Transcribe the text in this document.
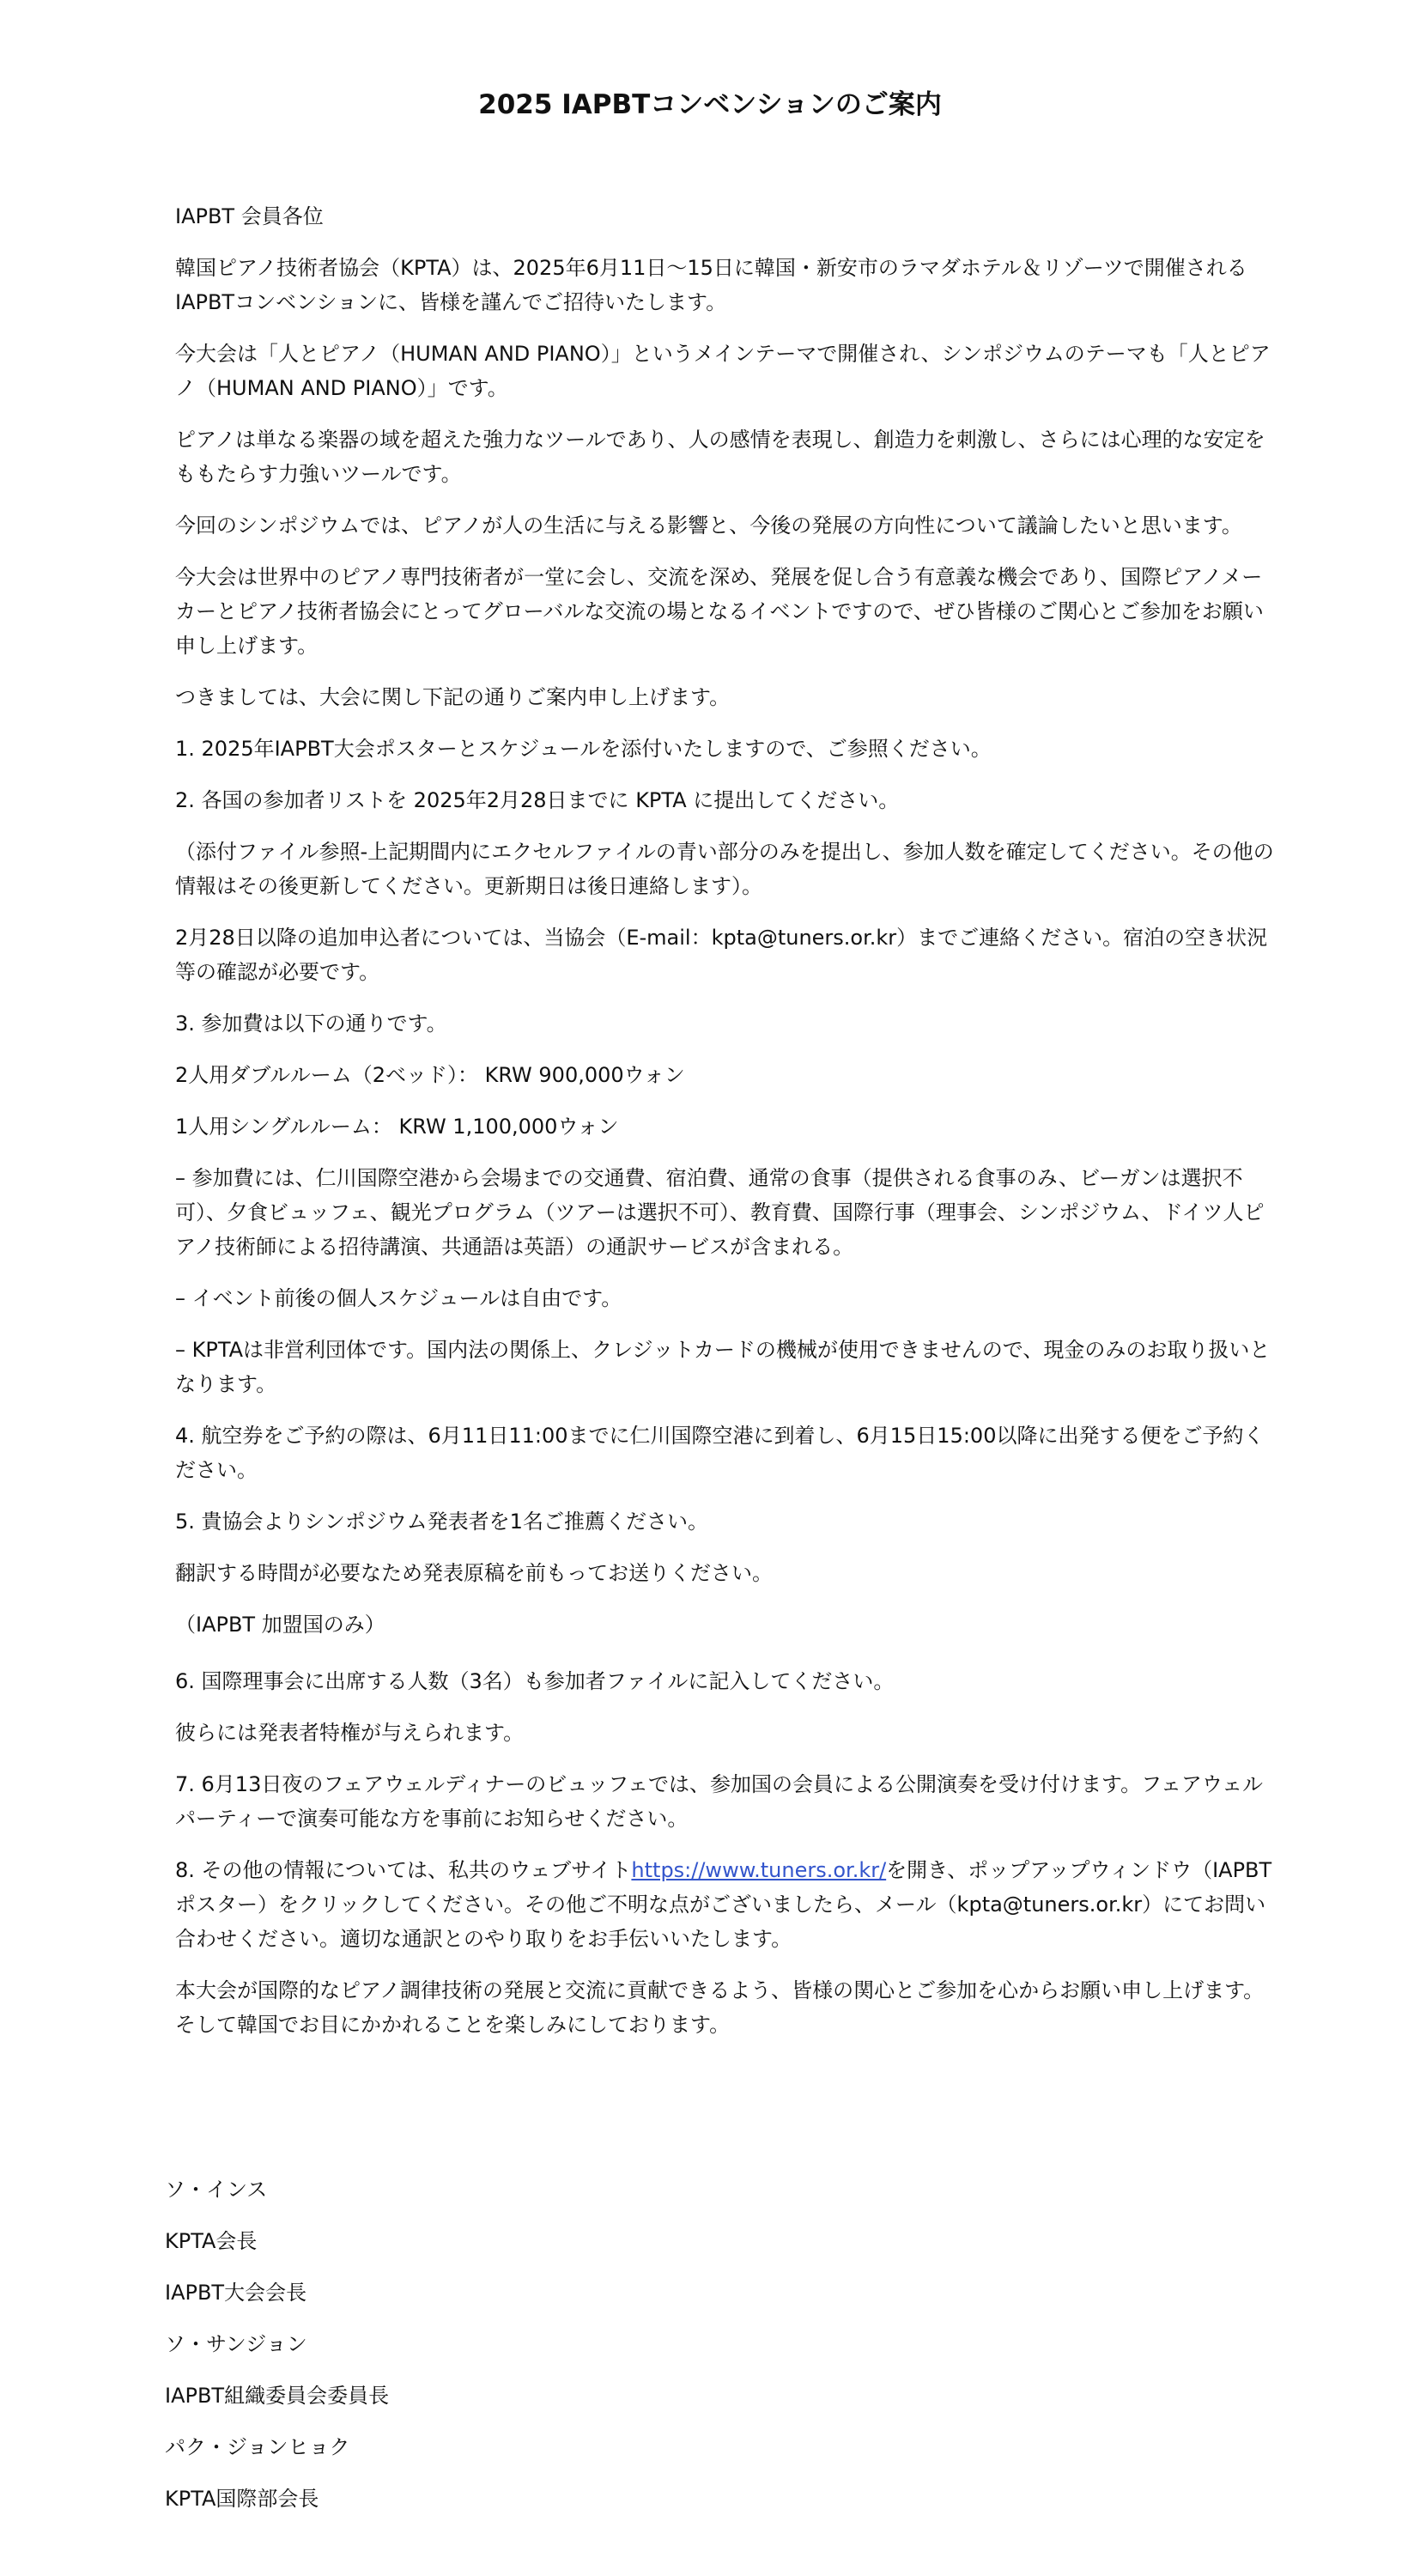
2025 IAPBTコンベンションのご案内

IAPBT 会員各位

韓国ピアノ技術者協会（KPTA）は、2025年6月11日～15日に韓国・新安市のラマダホテル＆リゾーツで開催されるIAPBTコンベンションに、皆様を謹んでご招待いたします。

今大会は「人とピアノ（HUMAN AND PIANO）」というメインテーマで開催され、シンポジウムのテーマも「人とピアノ（HUMAN AND PIANO）」です。

ピアノは単なる楽器の域を超えた強力なツールであり、人の感情を表現し、創造力を刺激し、さらには心理的な安定をももたらす力強いツールです。

今回のシンポジウムでは、ピアノが人の生活に与える影響と、今後の発展の方向性について議論したいと思います。

今大会は世界中のピアノ専門技術者が一堂に会し、交流を深め、発展を促し合う有意義な機会であり、国際ピアノメーカーとピアノ技術者協会にとってグローバルな交流の場となるイベントですので、ぜひ皆様のご関心とご参加をお願い申し上げます。

つきましては、大会に関し下記の通りご案内申し上げます。

1. 2025年IAPBT大会ポスターとスケジュールを添付いたしますので、ご参照ください。

2. 各国の参加者リストを 2025年2月28日までに KPTA に提出してください。

（添付ファイル参照-上記期間内にエクセルファイルの青い部分のみを提出し、参加人数を確定してください。その他の情報はその後更新してください。更新期日は後日連絡します）。

2月28日以降の追加申込者については、当協会（E-mail：kpta@tuners.or.kr）までご連絡ください。宿泊の空き状況等の確認が必要です。

3. 参加費は以下の通りです。

2人用ダブルルーム（2ベッド）： KRW 900,000ウォン

1人用シングルルーム： KRW 1,100,000ウォン

– 参加費には、仁川国際空港から会場までの交通費、宿泊費、通常の食事（提供される食事のみ、ビーガンは選択不可）、夕食ビュッフェ、観光プログラム（ツアーは選択不可）、教育費、国際行事（理事会、シンポジウム、ドイツ人ピアノ技術師による招待講演、共通語は英語）の通訳サービスが含まれる。

– イベント前後の個人スケジュールは自由です。

– KPTAは非営利団体です。国内法の関係上、クレジットカードの機械が使用できませんので、現金のみのお取り扱いとなります。

4. 航空券をご予約の際は、6月11日11:00までに仁川国際空港に到着し、6月15日15:00以降に出発する便をご予約ください。

5. 貴協会よりシンポジウム発表者を1名ご推薦ください。

翻訳する時間が必要なため発表原稿を前もってお送りください。

（IAPBT 加盟国のみ）

6. 国際理事会に出席する人数（3名）も参加者ファイルに記入してください。

彼らには発表者特権が与えられます。

7. 6月13日夜のフェアウェルディナーのビュッフェでは、参加国の会員による公開演奏を受け付けます。フェアウェルパーティーで演奏可能な方を事前にお知らせください。

8. その他の情報については、私共のウェブサイトhttps://www.tuners.or.kr/を開き、ポップアップウィンドウ（IAPBTポスター）をクリックしてください。その他ご不明な点がございましたら、メール（kpta@tuners.or.kr）にてお問い合わせください。適切な通訳とのやり取りをお手伝いいたします。

本大会が国際的なピアノ調律技術の発展と交流に貢献できるよう、皆様の関心とご参加を心からお願い申し上げます。そして韓国でお目にかかれることを楽しみにしております。

ソ・インス

KPTA会長

IAPBT大会会長

ソ・サンジョン

IAPBT組織委員会委員長

パク・ジョンヒョク

KPTA国際部会長
